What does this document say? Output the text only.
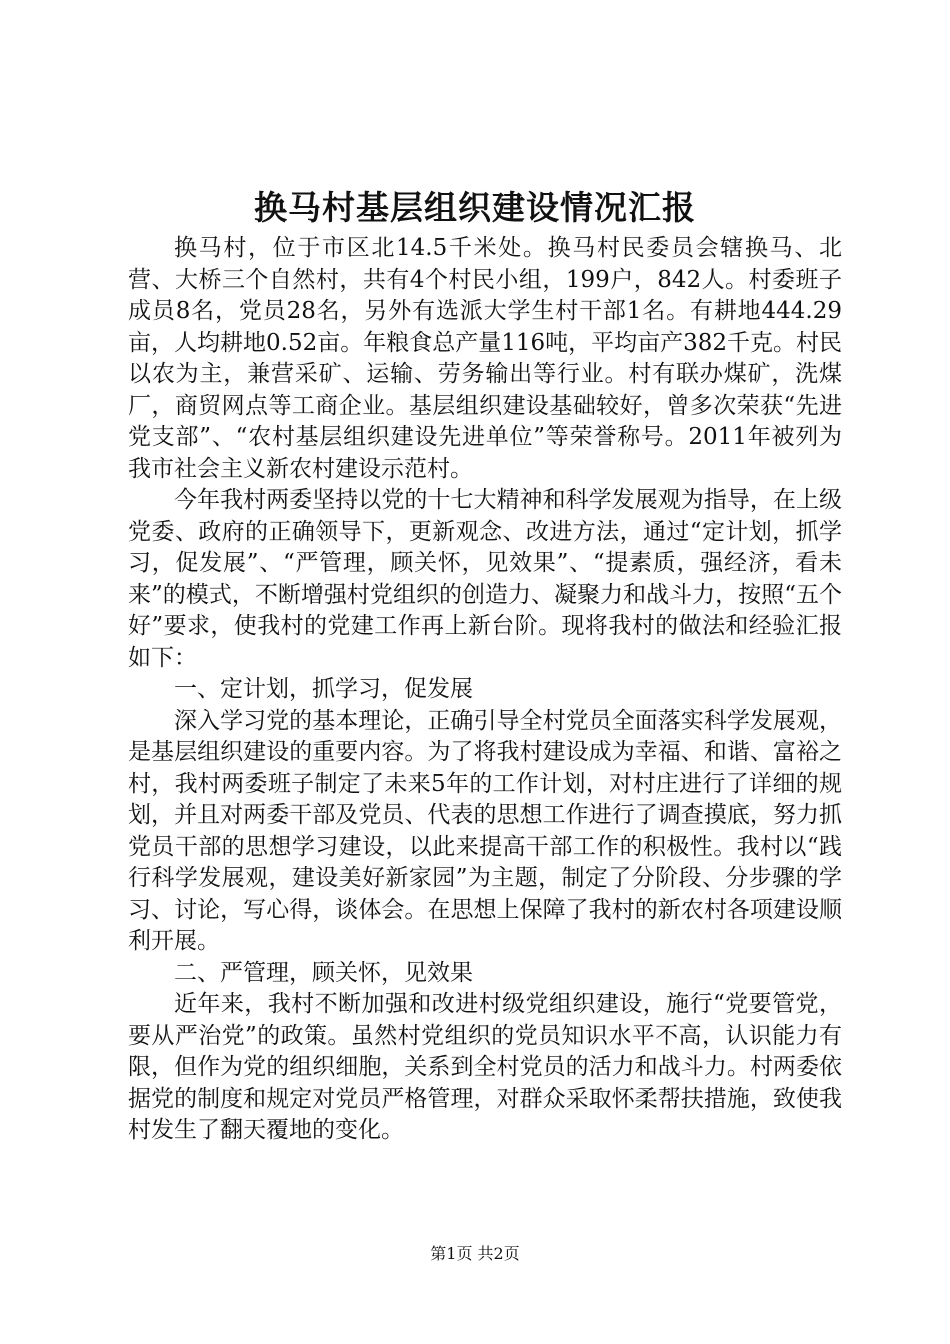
换马村基层组织建设情况汇报

换马村，位于市区北14.5千米处。换马村民委员会辖换马、北营、大桥三个自然村，共有4个村民小组，199户，842人。村委班子成员8名，党员28名，另外有选派大学生村干部1名。有耕地444.29亩，人均耕地0.52亩。年粮食总产量116吨，平均亩产382千克。村民以农为主，兼营采矿、运输、劳务输出等行业。村有联办煤矿，洗煤厂，商贸网点等工商企业。基层组织建设基础较好，曾多次荣获“先进党支部”、“农村基层组织建设先进单位”等荣誉称号。2011年被列为我市社会主义新农村建设示范村。

今年我村两委坚持以党的十七大精神和科学发展观为指导，在上级党委、政府的正确领导下，更新观念、改进方法，通过“定计划，抓学习，促发展”、“严管理，顾关怀，见效果”、“提素质，强经济，看未来”的模式，不断增强村党组织的创造力、凝聚力和战斗力，按照“五个好”要求，使我村的党建工作再上新台阶。现将我村的做法和经验汇报如下：

一、定计划，抓学习，促发展

深入学习党的基本理论，正确引导全村党员全面落实科学发展观，是基层组织建设的重要内容。为了将我村建设成为幸福、和谐、富裕之村，我村两委班子制定了未来5年的工作计划，对村庄进行了详细的规划，并且对两委干部及党员、代表的思想工作进行了调查摸底，努力抓党员干部的思想学习建设，以此来提高干部工作的积极性。我村以“践行科学发展观，建设美好新家园”为主题，制定了分阶段、分步骤的学习、讨论，写心得，谈体会。在思想上保障了我村的新农村各项建设顺利开展。

二、严管理，顾关怀，见效果

近年来，我村不断加强和改进村级党组织建设，施行“党要管党，要从严治党”的政策。虽然村党组织的党员知识水平不高，认识能力有限，但作为党的组织细胞，关系到全村党员的活力和战斗力。村两委依据党的制度和规定对党员严格管理，对群众采取怀柔帮扶措施，致使我村发生了翻天覆地的变化。

第1页 共2页
